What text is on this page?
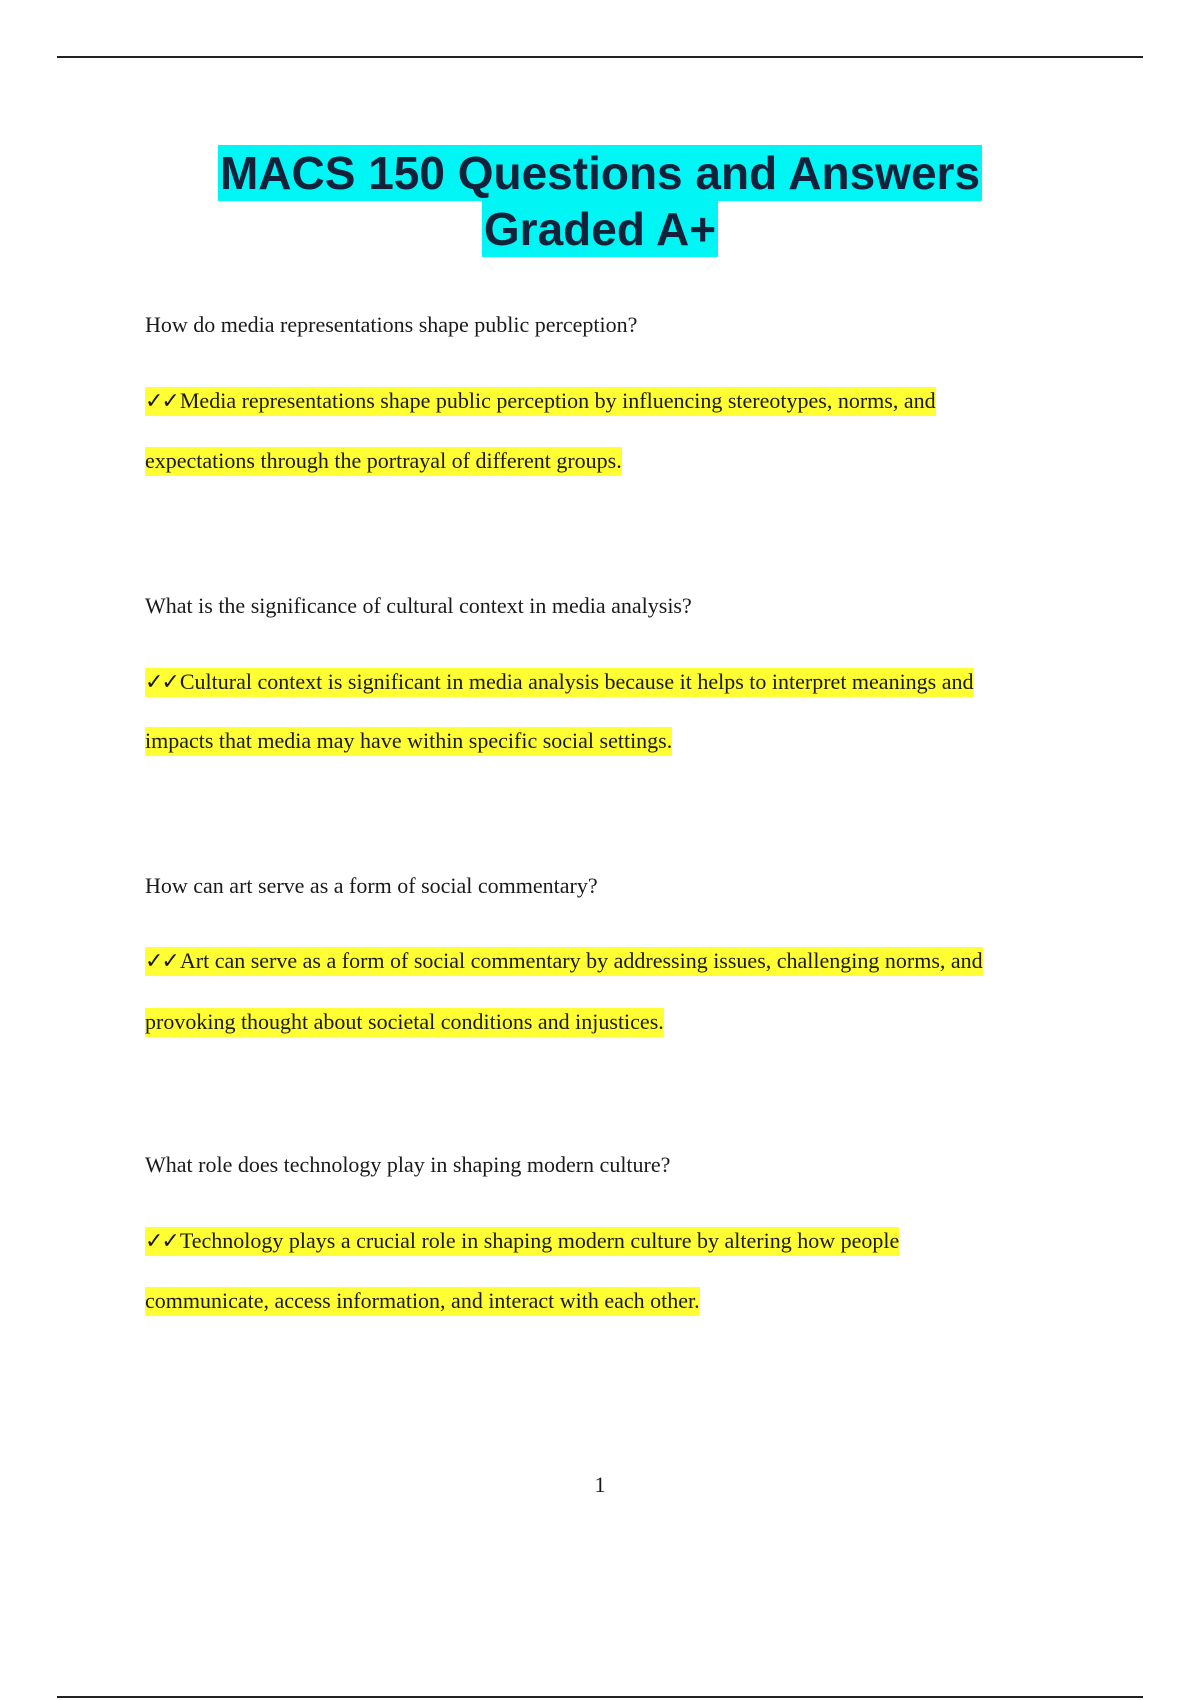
MACS 150 Questions and Answers
Graded A+
How do media representations shape public perception?
✓✓Media representations shape public perception by influencing stereotypes, norms, and
expectations through the portrayal of different groups.
What is the significance of cultural context in media analysis?
✓✓Cultural context is significant in media analysis because it helps to interpret meanings and
impacts that media may have within specific social settings.
How can art serve as a form of social commentary?
✓✓Art can serve as a form of social commentary by addressing issues, challenging norms, and
provoking thought about societal conditions and injustices.
What role does technology play in shaping modern culture?
✓✓Technology plays a crucial role in shaping modern culture by altering how people
communicate, access information, and interact with each other.
1
